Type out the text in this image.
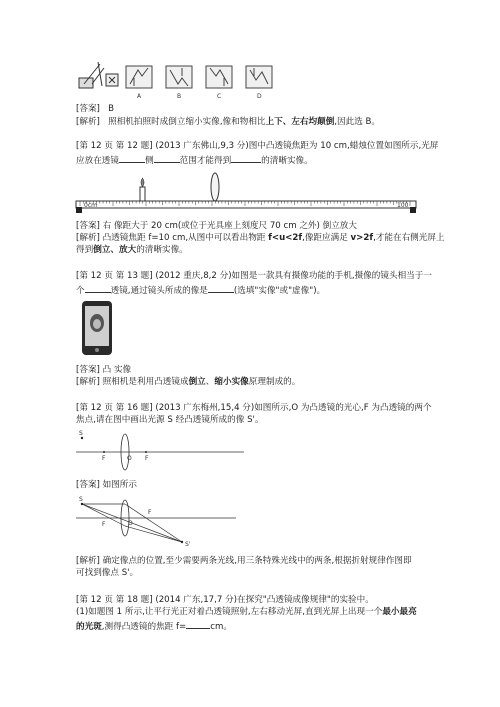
A	B	C	D
[答案] B
[解析] 照相机拍照时成倒立缩小实像,像和物相比上下、左右均颠倒,因此选 B。
[第 12 页 第 12 题] (2013 广东佛山,9,3 分)图中凸透镜焦距为 10 cm,蜡烛位置如图所示,光屏
应放在透镜	侧	范围才能得到	的清晰实像。
0cm	100
[答案] 右 像距大于 20 cm(或位于光具座上刻度尺 70 cm 之外) 倒立放大
[解析] 凸透镜焦距 f=10 cm,从图中可以看出物距 f<u<2f,像距应满足 v>2f,才能在右侧光屏上
得到倒立、放大的清晰实像。
[第 12 页 第 13 题] (2012 重庆,8,2 分)如图是一款具有摄像功能的手机,摄像的镜头相当于一
个	透镜,通过镜头所成的像是	(选填"实像"或"虚像")。
[答案] 凸 实像
[解析] 照相机是利用凸透镜成倒立、缩小实像原理制成的。
[第 12 页 第 16 题] (2013 广东梅州,15,4 分)如图所示,O 为凸透镜的光心,F 为凸透镜的两个
焦点,请在图中画出光源 S 经凸透镜所成的像 S'。
S
F	O F
[答案] 如图所示
S
F	O
F
S'
[解析] 确定像点的位置,至少需要两条光线,用三条特殊光线中的两条,根据折射规律作图即
可找到像点 S'。
[第 12 页 第 18 题] (2014 广东,17,7 分)在探究"凸透镜成像规律"的实验中。
(1)如题图 1 所示,让平行光正对着凸透镜照射,左右移动光屏,直到光屏上出现一个最小最亮
的光斑,测得凸透镜的焦距 f=	cm。
